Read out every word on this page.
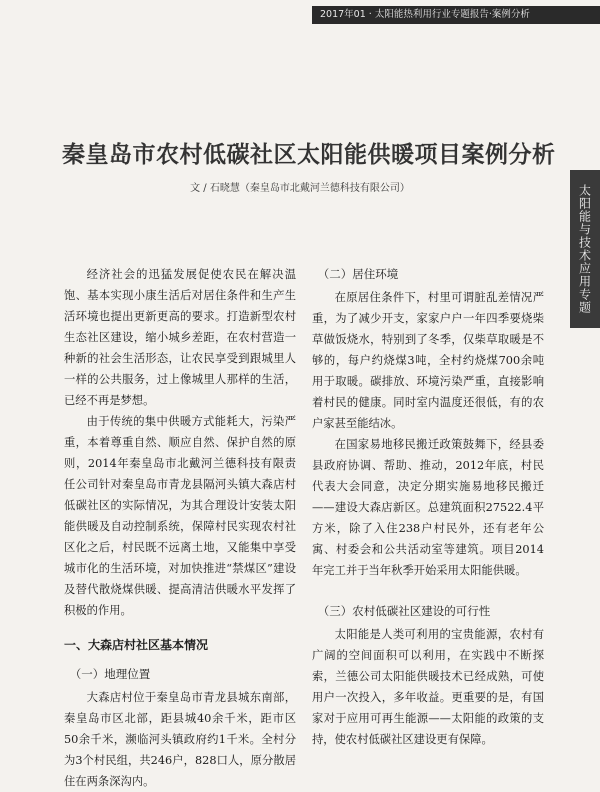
2017年01 · 太阳能热利用行业专题报告·案例分析
秦皇岛市农村低碳社区太阳能供暖项目案例分析
文 / 石晓慧（秦皇岛市北戴河兰德科技有限公司）	太阳能与技术应用专题

经济社会的迅猛发展促使农民在解决温饱、基本实现小康生活后对居住条件和生产生活环境也提出更新更高的要求。打造新型农村生态社区建设，缩小城乡差距，在农村营造一种新的社会生活形态，让农民享受到跟城里人一样的公共服务，过上像城里人那样的生活，已经不再是梦想。

由于传统的集中供暖方式能耗大，污染严重，本着尊重自然、顺应自然、保护自然的原则，2014年秦皇岛市北戴河兰德科技有限责任公司针对秦皇岛市青龙县隔河头镇大森店村低碳社区的实际情况，为其合理设计安装太阳能供暖及自动控制系统，保障村民实现农村社区化之后，村民既不远离土地，又能集中享受城市化的生活环境，对加快推进“禁煤区”建设及替代散烧煤供暖、提高清洁供暖水平发挥了积极的作用。

一、大森店村社区基本情况
（一）地理位置

大森店村位于秦皇岛市青龙县城东南部，秦皇岛市区北部，距县城40余千米，距市区50余千米，濒临河头镇政府约1千米。全村分为3个村民组，共246户，828口人，原分散居住在两条深沟内。

（二）居住环境

在原居住条件下，村里可谓脏乱差情况严重，为了减少开支，家家户户一年四季要烧柴草做饭烧水，特别到了冬季，仅柴草取暖是不够的，每户约烧煤3吨，全村约烧煤700余吨用于取暖。碳排放、环境污染严重，直接影响着村民的健康。同时室内温度还很低，有的农户家甚至能结冰。

在国家易地移民搬迁政策鼓舞下，经县委县政府协调、帮助、推动，2012年底，村民代表大会同意，决定分期实施易地移民搬迁——建设大森店新区。总建筑面积27522.4平方米，除了入住238户村民外，还有老年公寓、村委会和公共活动室等建筑。项目2014年完工并于当年秋季开始采用太阳能供暖。

（三）农村低碳社区建设的可行性

太阳能是人类可利用的宝贵能源，农村有广阔的空间面积可以利用，在实践中不断探索，兰德公司太阳能供暖技术已经成熟，可使用户一次投入，多年收益。更重要的是，有国家对于应用可再生能源——太阳能的政策的支持，使农村低碳社区建设更有保障。
